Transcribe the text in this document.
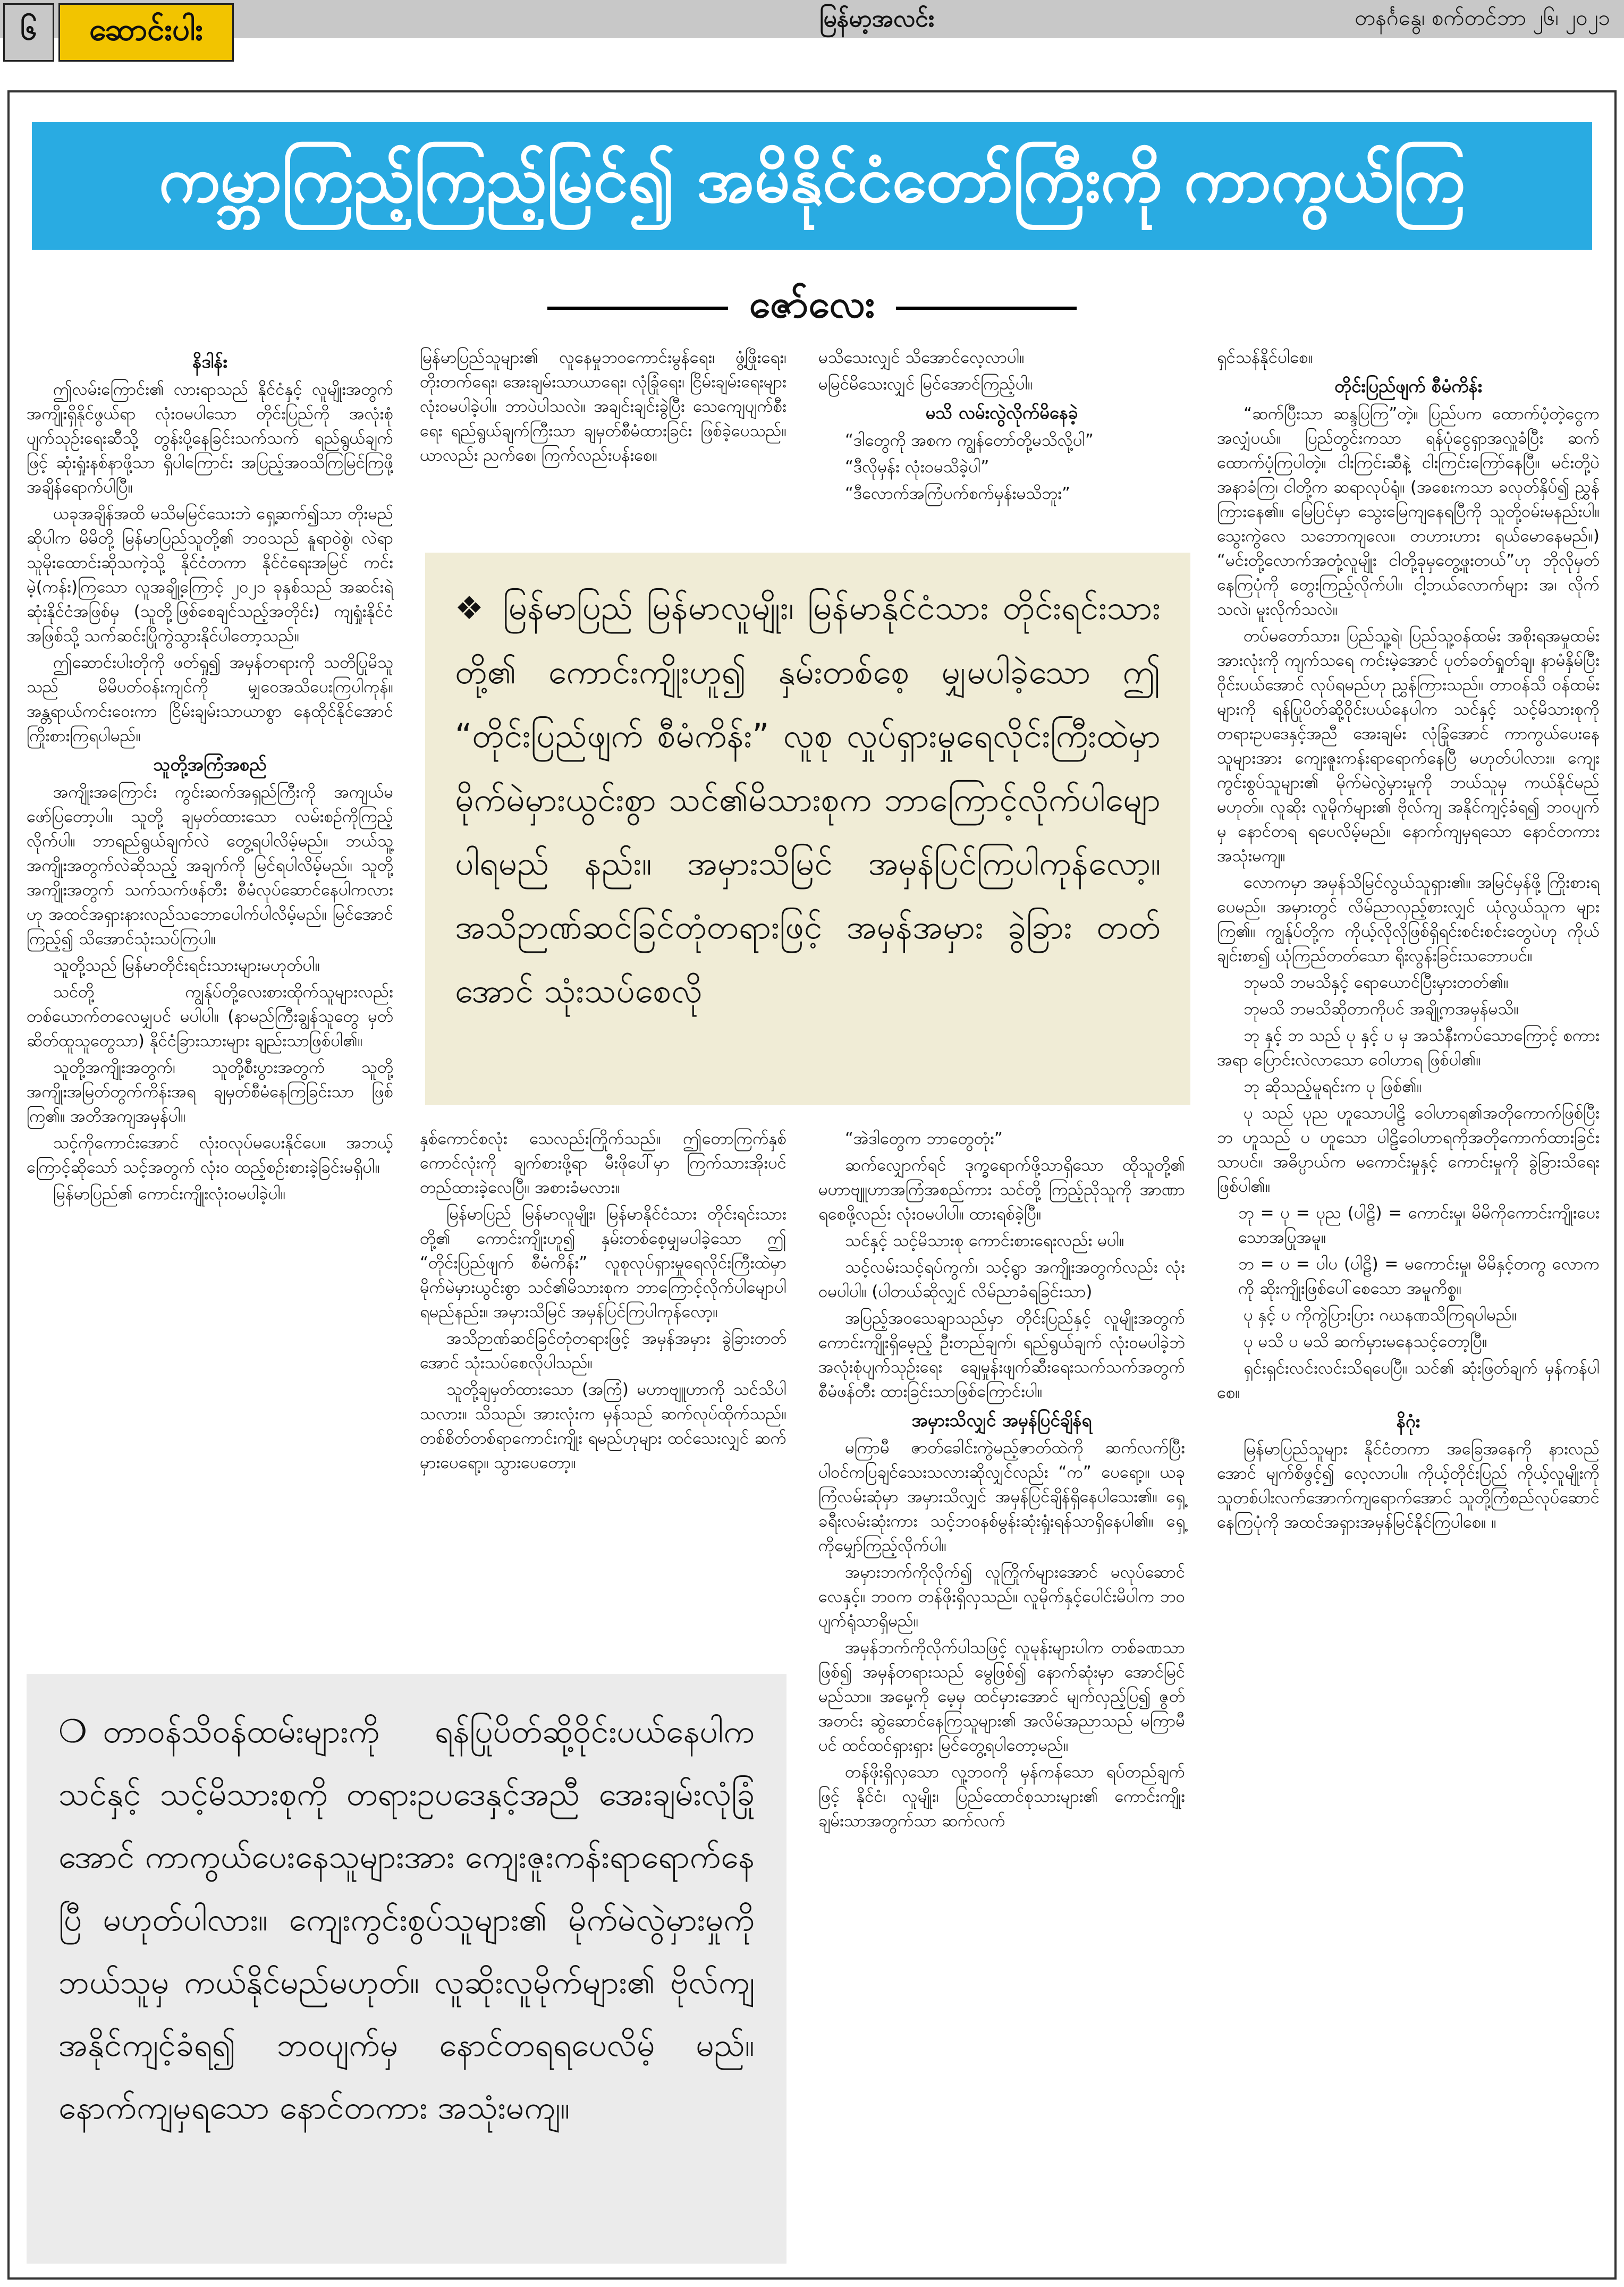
၆	ဆောင်းပါး	မြန်မာ့အလင်း	တနင်္ဂနွေ၊ စက်တင်ဘာ ၂၆၊ ၂၀၂၁
ကမ္ဘာကြည့်ကြည့်မြင်၍ အမိနိုင်ငံတော်ကြီးကို ကာကွယ်ကြ
ဇော်လေး
နိဒါန်း

ဤလမ်းကြောင်း၏ လားရာသည် နိုင်ငံနှင့် လူမျိုးအတွက် အကျိုးရှိနိုင်ဖွယ်ရာ လုံးဝမပါသော တိုင်းပြည်ကို အလုံးစုံပျက်သုဉ်းရေးဆီသို့ တွန်းပို့နေခြင်းသက်သက် ရည်ရွယ်ချက်ဖြင့် ဆုံးရှုံးနစ်နာဖို့သာ ရှိပါကြောင်း အပြည့်အဝသိကြမြင်ကြဖို့ အချိန်ရောက်ပါပြီ။

ယခုအချိန်အထိ မသိမမြင်သေးဘဲ ရှေ့ဆက်၍သာ တိုးမည်ဆိုပါက မိမိတို့ မြန်မာပြည်သူတို့၏ ဘဝသည် နူရာဝဲစွဲ၊ လဲရာသူမိုးထောင်းဆိုသကဲ့သို့ နိုင်ငံတကာ နိုင်ငံရေးအမြင် ကင်းမဲ့(ကန်း)ကြသော လူအချို့ကြောင့် ၂၀၂၁ ခုနှစ်သည် အဆင်းရဲဆုံးနိုင်ငံအဖြစ်မှ (သူတို့ဖြစ်စေချင်သည့်အတိုင်း) ကျရှုံးနိုင်ငံအဖြစ်သို့ သက်ဆင်းပြိုကွဲသွားနိုင်ပါတော့သည်။

ဤဆောင်းပါးတိုကို ဖတ်ရှု၍ အမှန်တရားကို သတိပြုမိသူသည် မိမိပတ်ဝန်းကျင်ကို မျှဝေအသိပေးကြပါကုန်။ အန္တရာယ်ကင်းဝေးကာ ငြိမ်းချမ်းသာယာစွာ နေထိုင်နိုင်အောင် ကြိုးစားကြရပါမည်။

သူတို့အကြံအစည်

အကျိုးအကြောင်း ကွင်းဆက်အရှည်ကြီးကို အကျယ်မဖော်ပြတော့ပါ။ သူတို့ ချမှတ်ထားသော လမ်းစဉ်ကိုကြည့်လိုက်ပါ။ ဘာရည်ရွယ်ချက်လဲ တွေ့ရပါလိမ့်မည်။ ဘယ်သူ့အကျိုးအတွက်လဲဆိုသည့် အချက်ကို မြင်ရပါလိမ့်မည်။ သူတို့အကျိုးအတွက် သက်သက်ဖန်တီး စီမံလုပ်ဆောင်နေပါကလားဟု အထင်အရှားနားလည်သဘောပေါက်ပါလိမ့်မည်။ မြင်အောင်ကြည့်၍ သိအောင်သုံးသပ်ကြပါ။

သူတို့သည် မြန်မာတိုင်းရင်းသားများမဟုတ်ပါ။

သင်တို့ ကျွန်ုပ်တို့လေးစားထိုက်သူများလည်း တစ်ယောက်တလေမျှပင် မပါပါ။ (နာမည်ကြီးချွန်သူတွေ မှတ်ဆိတ်ထူသူတွေသာ) နိုင်ငံခြားသားများ ချည်းသာဖြစ်ပါ၏။

သူတို့အကျိုးအတွက်၊ သူတို့စီးပွားအတွက် သူတို့အကျိုးအမြတ်တွက်ကိန်းအရ ချမှတ်စီမံနေကြခြင်းသာ ဖြစ်ကြ၏။ အတိအကျအမှန်ပါ။

သင့်ကိုကောင်းအောင် လုံးဝလုပ်မပေးနိုင်ပေ။ အဘယ့်ကြောင့်ဆိုသော် သင့်အတွက် လုံးဝ ထည့်စဉ်းစားခဲ့ခြင်းမရှိပါ။

မြန်မာပြည်၏ ကောင်းကျိုးလုံးဝမပါခဲ့ပါ။

မြန်မာပြည်သူများ၏ လူနေမှုဘဝကောင်းမွန်ရေး၊ ဖွံ့ဖြိုးရေး၊ တိုးတက်ရေး၊ အေးချမ်းသာယာရေး၊ လုံခြုံရေး၊ ငြိမ်းချမ်းရေးများလုံးဝမပါခဲ့ပါ။ ဘာပဲပါသလဲ။ အချင်းချင်းခွဲပြီး သေကျေပျက်စီးရေး ရည်ရွယ်ချက်ကြီးသာ ချမှတ်စီမံထားခြင်း ဖြစ်ခဲ့ပေသည်။ ယာလည်း ညက်စေ၊ ကြက်လည်းပန်းစေ။

မသိသေးလျှင် သိအောင်လေ့လာပါ။

မမြင်မိသေးလျှင် မြင်အောင်ကြည့်ပါ။

မသိ လမ်းလွဲလိုက်မိနေခဲ့

“ဒါတွေကို အစက ကျွန်တော်တို့မသိလို့ပါ”

“ဒီလိုမှန်း လုံးဝမသိခဲ့ပါ”

“ဒီလောက်အကြံပက်စက်မှန်းမသိဘူး”

ရှင်သန်နိုင်ပါစေ။

တိုင်းပြည်ဖျက် စီမံကိန်း

“ဆက်ပြီးသာ ဆန္ဒပြကြ”တဲ့။ ပြည်ပက ထောက်ပံ့တဲ့ငွေက အလျှံပယ်။ ပြည်တွင်းကသာ ရန်ပုံငွေရှာအလှူခံပြီး ဆက်ထောက်ပံ့ကြပါတဲ့။ ငါးကြင်းဆီနဲ့ ငါးကြင်းကြော်နေပြီ။ မင်းတို့ပဲ အနာခံကြ၊ ငါတို့က ဆရာလုပ်ရုံ။ (အစေးကသာ ခလုတ်နှိပ်၍ ညွှန်ကြားနေ၏။ မြေပြင်မှာ သွေးမြေကျနေရပြီကို သူတို့ဝမ်းမနည်းပါ။ သွေးကွဲလေ သဘောကျလေ။ တဟားဟား ရယ်မောနေမည်။) “မင်းတို့လောက်အတုံ့လူမျိုး ငါတို့ခုမှတွေ့ဖူးတယ်”ဟု ဘိုလိုမှတ်နေကြပုံကို တွေးကြည့်လိုက်ပါ။ ငါ့ဘယ်လောက်များ အ၊ လိုက်သလဲ၊ မူးလိုက်သလဲ။

တပ်မတော်သား၊ ပြည်သူ့ရဲ၊ ပြည်သူ့ဝန်ထမ်း အစိုးရအမှုထမ်းအားလုံးကို ကျက်သရေ ကင်းမဲ့အောင် ပုတ်ခတ်ရှုတ်ချ၊ နာမံနှိမ်ပြီး ဝိုင်းပယ်အောင် လုပ်ရမည်ဟု ညွှန်ကြားသည်။ တာဝန်သိ ဝန်ထမ်းများကို ရန်ပြုပိတ်ဆို့ဝိုင်းပယ်နေပါက သင်နှင့် သင့်မိသားစုကို တရားဥပဒေနှင့်အညီ အေးချမ်း လုံခြုံအောင် ကာကွယ်ပေးနေသူများအား ကျေးဇူးကန်းရာရောက်နေပြီ မဟုတ်ပါလား။ ကျေးကွင်းစွပ်သူများ၏ မိုက်မဲလွဲမှားမှုကို ဘယ်သူမှ ကယ်နိုင်မည်မဟုတ်။ လူဆိုး လူမိုက်များ၏ ဗိုလ်ကျ အနိုင်ကျင့်ခံရ၍ ဘဝပျက်မှ နောင်တရ ရပေလိမ့်မည်။ နောက်ကျမှရသော နောင်တကား အသုံးမကျ။

လောကမှာ အမှန်သိမြင်လွယ်သူရှား၏။ အမြင်မှန်ဖို့ ကြိုးစားရပေမည်။ အမှားတွင် လိမ်ညာလှည့်စားလျှင် ယုံလွယ်သူက များကြ၏။ ကျွန်ုပ်တို့က ကိုယ့်လိုလိုဖြစ်ရှိရင်းစင်းစင်းတွေပဲဟု ကိုယ်ချင်းစာ၍ ယုံကြည်တတ်သော ရိုးလွန်းခြင်းသဘောပင်။

ဘုမသိ ဘမသိနှင့် ရောယောင်ပြီးမှားတတ်၏။

ဘုမသိ ဘမသိဆိုတာကိုပင် အချို့ကအမှန်မသိ။

ဘု နှင့် ဘ သည် ပု နှင့် ပ မှ အသံနီးကပ်သောကြောင့် စကားအရာ ပြောင်းလဲလာသော ဝေါဟာရ ဖြစ်ပါ၏။

ဘု ဆိုသည့်မူရင်းက ပု ဖြစ်၏။

ပု သည် ပုည ဟူသောပါဠိ ဝေါဟာရ၏အတိုကောက်ဖြစ်ပြီး ဘ ဟူသည် ပ ဟူသော ပါဠိဝေါဟာရကိုအတိုကောက်ထားခြင်းသာပင်။ အဓိပ္ပာယ်က မကောင်းမှုနှင့် ကောင်းမှုကို ခွဲခြားသိရေး ဖြစ်ပါ၏။

ဘု = ပု = ပုည (ပါဠိ) = ကောင်းမှု၊ မိမိကိုကောင်းကျိုးပေးသောအပြုအမူ။

ဘ = ပ = ပါပ (ပါဠိ) = မကောင်းမှု၊ မိမိနှင့်တကွ လောကကို ဆိုးကျိုးဖြစ်ပေါ်စေသော အမူကိစ္စ။

ပု နှင့် ပ ကိုကွဲပြားပြား ဂဃနဏသိကြရပါမည်။

ပု မသိ ပ မသိ ဆက်မှားမနေသင့်တော့ပြီ။

ရှင်းရှင်းလင်းလင်းသိရပေပြီ။ သင်၏ ဆုံးဖြတ်ချက် မှန်ကန်ပါစေ။

နိဂုံး

မြန်မာပြည်သူများ နိုင်ငံတကာ အခြေအနေကို နားလည်အောင် မျက်စိဖွင့်၍ လေ့လာပါ။ ကိုယ့်တိုင်းပြည် ကိုယ့်လူမျိုးကို သူတစ်ပါးလက်အောက်ကျရောက်အောင် သူတို့ကြံစည်လုပ်ဆောင်နေကြပုံကို အထင်အရှားအမှန်မြင်နိုင်ကြပါစေ။ ။

နှစ်ကောင်စလုံး သေလည်းကြိုက်သည်။ ဤတောကြက်နှစ်ကောင်လုံးကို ချက်စားဖို့ရာ မီးဖိုပေါ်မှာ ကြက်သားအိုးပင် တည်ထားခဲ့လေပြီ။ အစားခံမလား။

မြန်မာပြည် မြန်မာလူမျိုး၊ မြန်မာနိုင်ငံသား တိုင်းရင်းသားတို့၏ ကောင်းကျိုးဟူ၍ နှမ်းတစ်စေ့မျှမပါခဲ့သော ဤ “တိုင်းပြည်ဖျက် စီမံကိန်း” လူစုလုပ်ရှားမှုရေလိုင်းကြီးထဲမှာ မိုက်မဲမှားယွင်းစွာ သင်၏မိသားစုက ဘာကြောင့်လိုက်ပါမျောပါရမည်နည်း။ အမှားသိမြင် အမှန်ပြင်ကြပါကုန်လော့။

အသိဉာဏ်ဆင်ခြင်တုံတရားဖြင့် အမှန်အမှား ခွဲခြားတတ်အောင် သုံးသပ်စေလိုပါသည်။

သူတို့ချမှတ်ထားသော (အကြံ) မဟာဗျူဟာကို သင်သိပါသလား။ သိသည်၊ အားလုံးက မှန်သည် ဆက်လုပ်ထိုက်သည်။ တစ်စိတ်တစ်ရာကောင်းကျိုး ရမည်ဟုများ ထင်သေးလျှင် ဆက်မှားပေရော့။ သွားပေတော့။

“အဲဒါတွေက ဘာတွေတုံး”

ဆက်လျှောက်ရင် ဒုက္ခရောက်ဖို့သာရှိသော ထိုသူတို့၏ မဟာဗျူဟာအကြံအစည်ကား သင်တို့ ကြည့်ညိုသူကို အာဏာရစေဖို့လည်း လုံးဝမပါပါ။ ထားရစ်ခဲ့ပြီ။

သင်နှင့် သင့်မိသားစု ကောင်းစားရေးလည်း မပါ။

သင့်လမ်းသင့်ရပ်ကွက်၊ သင့်ရွာ အကျိုးအတွက်လည်း လုံးဝမပါပါ။ (ပါတယ်ဆိုလျှင် လိမ်ညာခံရခြင်းသာ)

အပြည့်အဝသေချာသည်မှာ တိုင်းပြည်နှင့် လူမျိုးအတွက် ကောင်းကျိုးရှိမေ့ည့် ဦးတည်ချက်၊ ရည်ရွယ်ချက် လုံးဝမပါခဲ့ဘဲ အလုံးစုံပျက်သုဉ်းရေး ချေမှုန်းဖျက်ဆီးရေးသက်သက်အတွက် စီမံဖန်တီး ထားခြင်းသာဖြစ်ကြောင်းပါ။

အမှားသိလျှင် အမှန်ပြင်ချိန်ရ

မကြာမီ ဇာတ်ခေါင်းကွဲမည့်ဇာတ်ထဲကို ဆက်လက်ပြီး ပါဝင်ကပြချင်သေးသလားဆိုလျှင်လည်း “က” ပေရော့။ ယခုကြံလမ်းဆုံမှာ အမှားသိလျှင် အမှန်ပြင်ချိန်ရှိနေပါသေး၏။ ရှေ့ခရီးလမ်းဆုံးကား သင့်ဘဝနစ်မွန်းဆုံးရှုံးရန်သာရှိနေပါ၏။ ရှေ့ကိုမျှော်ကြည့်လိုက်ပါ။

အမှားဘက်ကိုလိုက်၍ လူကြိုက်များအောင် မလုပ်ဆောင်လေနှင့်။ ဘဝက တန်ဖိုးရှိလှသည်။ လူမိုက်နှင့်ပေါင်းမိပါက ဘဝပျက်ရုံသာရှိမည်။

အမှန်ဘက်ကိုလိုက်ပါသဖြင့် လူမုန်းများပါက တစ်ခဏသာဖြစ်၍ အမှန်တရားသည် မွေဖြစ်၍ နောက်ဆုံးမှာ အောင်မြင်မည်သာ။ အမှေ့ကို မေ့မှ ထင်မှားအောင် မျက်လှည့်ပြ၍ ဇွတ်အတင်း ဆွဲဆောင်နေကြသူများ၏ အလိမ်အညာသည် မကြာမီပင် ထင်ထင်ရှားရှား မြင်တွေ့ရပါတော့မည်။

တန်ဖိုးရှိလှသော လူ့ဘဝကို မှန်ကန်သော ရပ်တည်ချက်ဖြင့် နိုင်ငံ၊ လူမျိုး၊ ပြည်ထောင်စုသားများ၏ ကောင်းကျိုးချမ်းသာအတွက်သာ ဆက်လက်

❖ မြန်မာပြည် မြန်မာလူမျိုး၊ မြန်မာနိုင်ငံသား တိုင်းရင်းသားတို့၏ ကောင်းကျိုးဟူ၍ နှမ်းတစ်စေ့ မျှမပါခဲ့သော ဤ “တိုင်းပြည်ဖျက် စီမံကိန်း” လူစု လှုပ်ရှားမှုရေလိုင်းကြီးထဲမှာ မိုက်မဲမှားယွင်းစွာ သင်၏မိသားစုက ဘာကြောင့်လိုက်ပါမျောပါရမည် နည်း။ အမှားသိမြင် အမှန်ပြင်ကြပါကုန်လော့။ အသိဉာဏ်ဆင်ခြင်တုံတရားဖြင့် အမှန်အမှား ခွဲခြား တတ်အောင် သုံးသပ်စေလို
❍ တာဝန်သိဝန်ထမ်းများကို ရန်ပြုပိတ်ဆို့ဝိုင်းပယ်နေပါက သင်နှင့် သင့်မိသားစုကို တရားဥပဒေနှင့်အညီ အေးချမ်းလုံခြုံအောင် ကာကွယ်ပေးနေသူများအား ကျေးဇူးကန်းရာရောက်နေပြီ မဟုတ်ပါလား။ ကျေးကွင်းစွပ်သူများ၏ မိုက်မဲလွဲမှားမှုကို ဘယ်သူမှ ကယ်နိုင်မည်မဟုတ်။ လူဆိုးလူမိုက်များ၏ ဗိုလ်ကျ အနိုင်ကျင့်ခံရ၍ ဘဝပျက်မှ နောင်တရရပေလိမ့် မည်။ နောက်ကျမှရသော နောင်တကား အသုံးမကျ။
